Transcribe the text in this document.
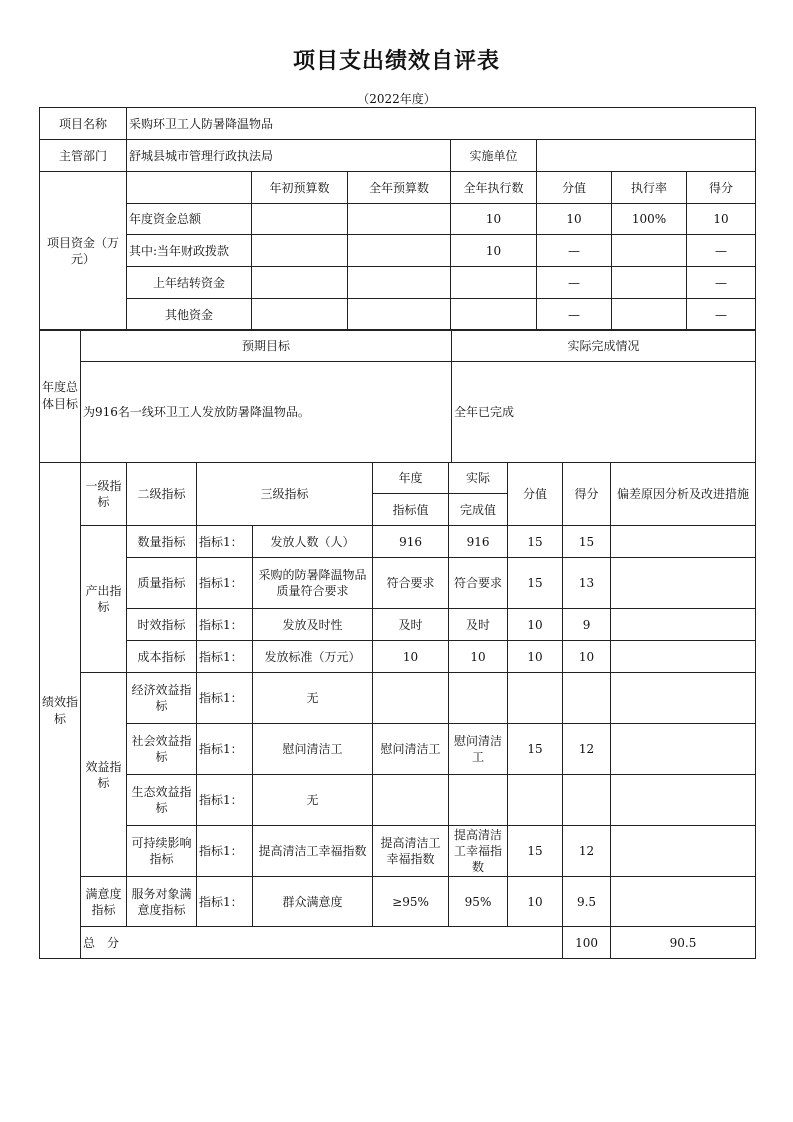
项目支出绩效自评表
（2022年度）
项目名称	采购环卫工人防暑降温物品						
主管部门	舒城县城市管理行政执法局			实施单位			
项目资金（万元）		年初预算数	全年预算数	全年执行数	分值	执行率	得分
	年度资金总额			10	10	100%	10
	其中:当年财政拨款			10	—		—
	上年结转资金				—		—
	其他资金				—		—
年度总体目标	预期目标	实际完成情况
	为916名一线环卫工人发放防暑降温物品。	全年已完成
绩效指标	一级指标	二级指标	三级指标		年度	实际	分值	得分	偏差原因分析及改进措施	
					指标值	完成值				
	产出指标	数量指标	指标1：	发放人数（人）	916	916	15	15		
		质量指标	指标1：	采购的防暑降温物品质量符合要求	符合要求	符合要求	15	13		
		时效指标	指标1：	发放及时性	及时	及时	10	9		
		成本指标	指标1：	发放标准（万元）	10	10	10	10		
	效益指标	经济效益指标	指标1：	无						
		社会效益指标	指标1：	慰问清洁工	慰问清洁工	慰问清洁工	15	12		
		生态效益指标	指标1：	无						
		可持续影响指标	指标1：	提高清洁工幸福指数	提高清洁工幸福指数	提高清洁工幸福指数	15	12		
	满意度指标	服务对象满意度指标	指标1：	群众满意度	≥95%	95%	10	9.5		
	总　分							100	90.5	
